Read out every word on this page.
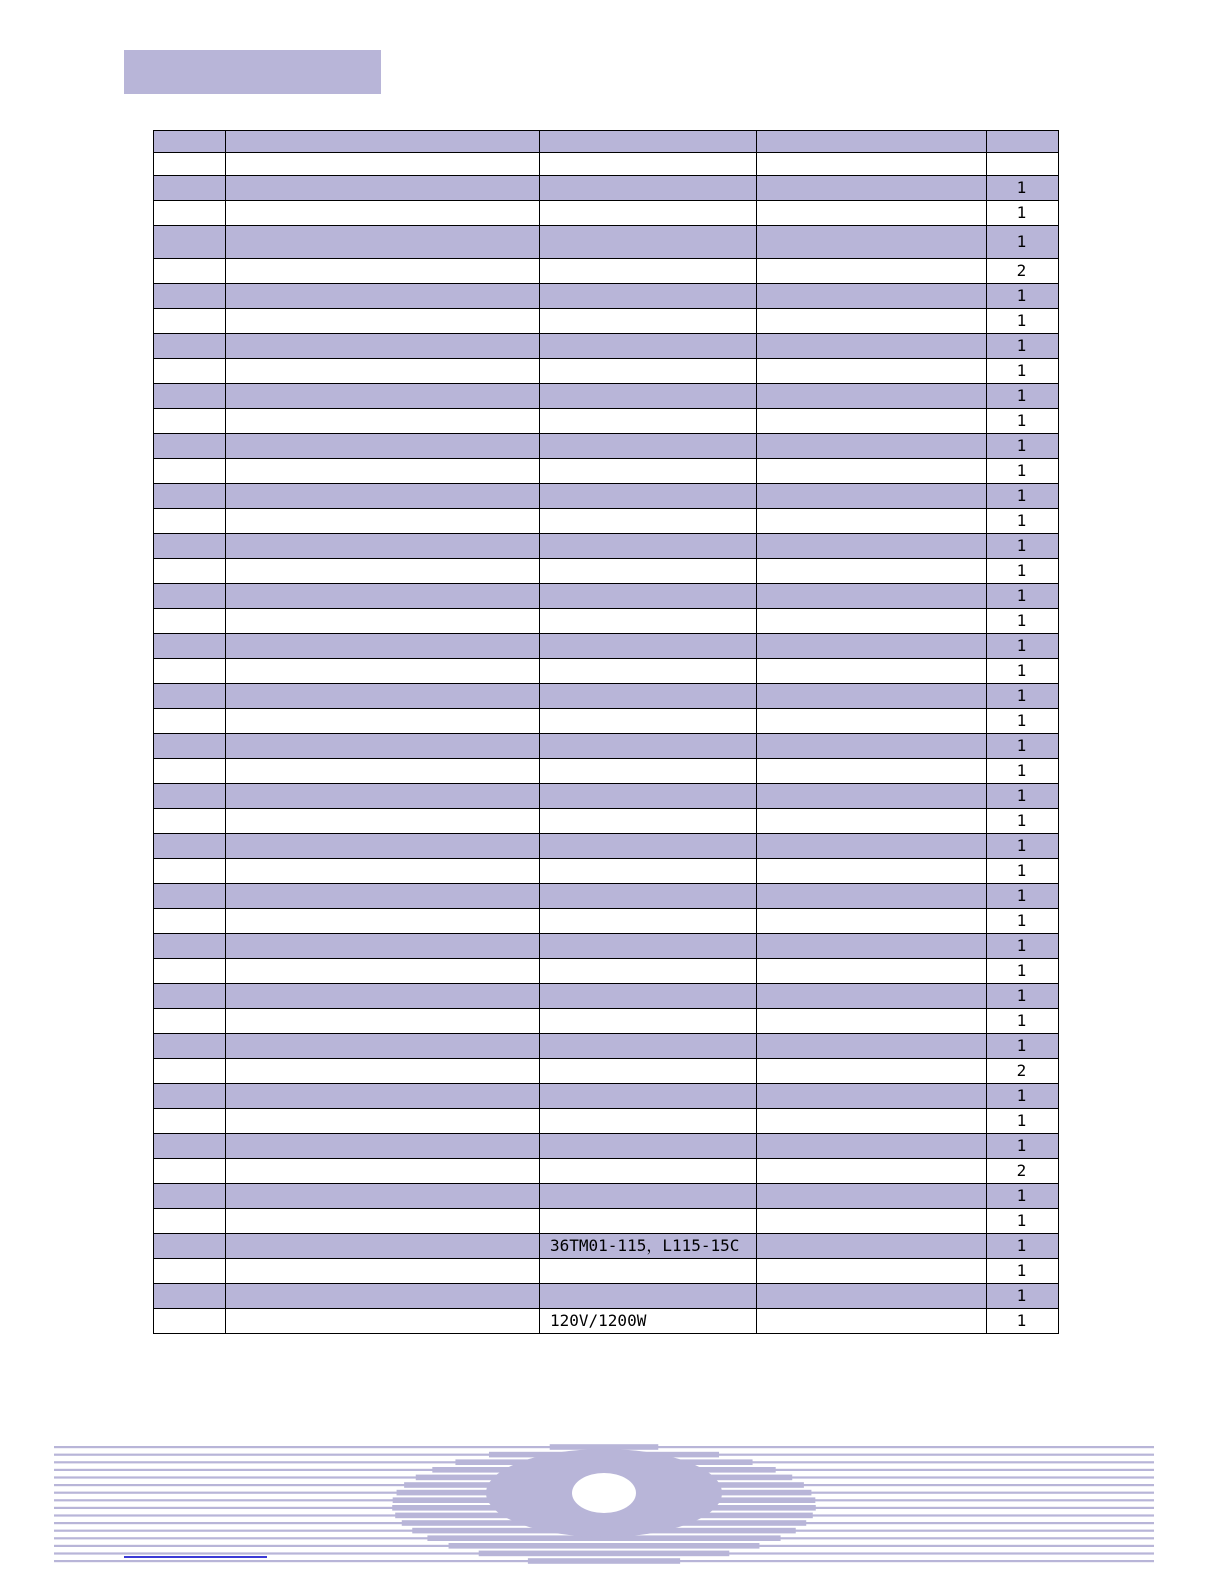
				1
				1
				1
				2
				1
				1
				1
				1
				1
				1
				1
				1
				1
				1
				1
				1
				1
				1
				1
				1
				1
				1
				1
				1
				1
				1
				1
				1
				1
				1
				1
				1
				1
				1
				1
				2
				1
				1
				1
				2
				1
				1
		36TM01-115，L115-15C		1
				1
				1
		120V/1200W		1
